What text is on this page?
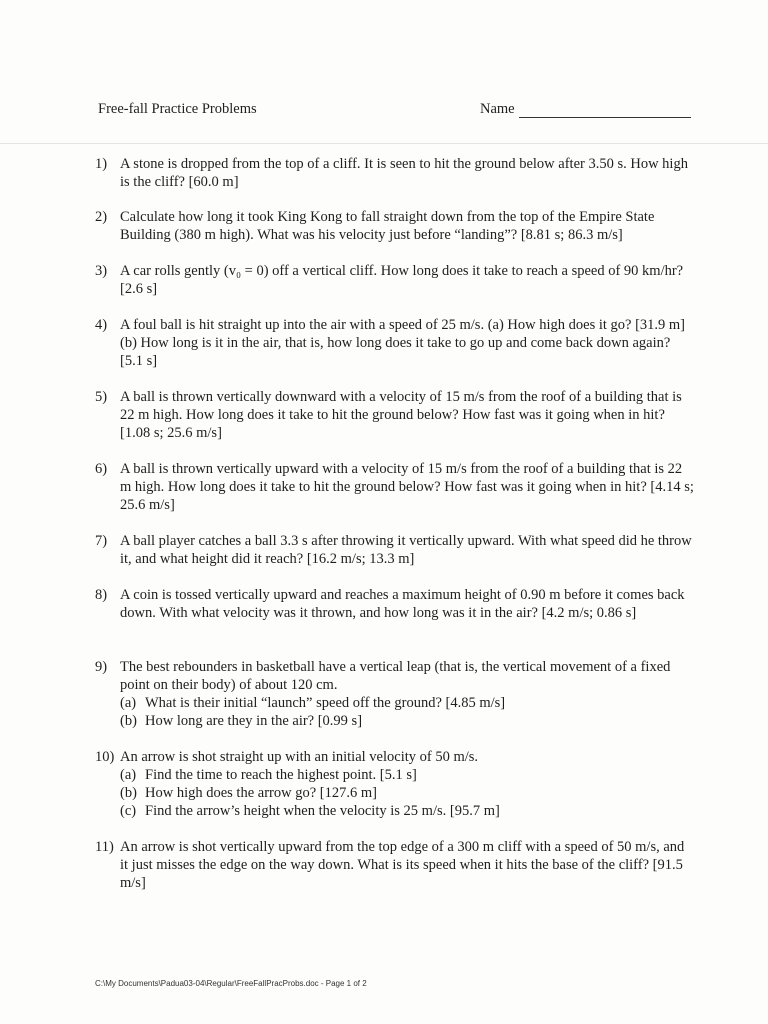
Free-fall Practice Problems	Name
1) A stone is dropped from the top of a cliff. It is seen to hit the ground below after 3.50 s. How high is the cliff? [60.0 m]
2) Calculate how long it took King Kong to fall straight down from the top of the Empire State Building (380 m high). What was his velocity just before “landing”? [8.81 s; 86.3 m/s]
3) A car rolls gently (v₀ = 0) off a vertical cliff. How long does it take to reach a speed of 90 km/hr? [2.6 s]
4) A foul ball is hit straight up into the air with a speed of 25 m/s. (a) How high does it go? [31.9 m] (b) How long is it in the air, that is, how long does it take to go up and come back down again? [5.1 s]
5) A ball is thrown vertically downward with a velocity of 15 m/s from the roof of a building that is 22 m high. How long does it take to hit the ground below? How fast was it going when in hit? [1.08 s; 25.6 m/s]
6) A ball is thrown vertically upward with a velocity of 15 m/s from the roof of a building that is 22 m high. How long does it take to hit the ground below? How fast was it going when in hit? [4.14 s; 25.6 m/s]
7) A ball player catches a ball 3.3 s after throwing it vertically upward. With what speed did he throw it, and what height did it reach? [16.2 m/s; 13.3 m]
8) A coin is tossed vertically upward and reaches a maximum height of 0.90 m before it comes back down. With what velocity was it thrown, and how long was it in the air? [4.2 m/s; 0.86 s]
9) The best rebounders in basketball have a vertical leap (that is, the vertical movement of a fixed point on their body) of about 120 cm.
(a) What is their initial “launch” speed off the ground? [4.85 m/s]
(b) How long are they in the air? [0.99 s]
10) An arrow is shot straight up with an initial velocity of 50 m/s.
(a) Find the time to reach the highest point. [5.1 s]
(b) How high does the arrow go? [127.6 m]
(c) Find the arrow’s height when the velocity is 25 m/s. [95.7 m]
11) An arrow is shot vertically upward from the top edge of a 300 m cliff with a speed of 50 m/s, and it just misses the edge on the way down. What is its speed when it hits the base of the cliff? [91.5 m/s]
C:\My Documents\Padua03-04\Regular\FreeFallPracProbs.doc - Page 1 of 2
